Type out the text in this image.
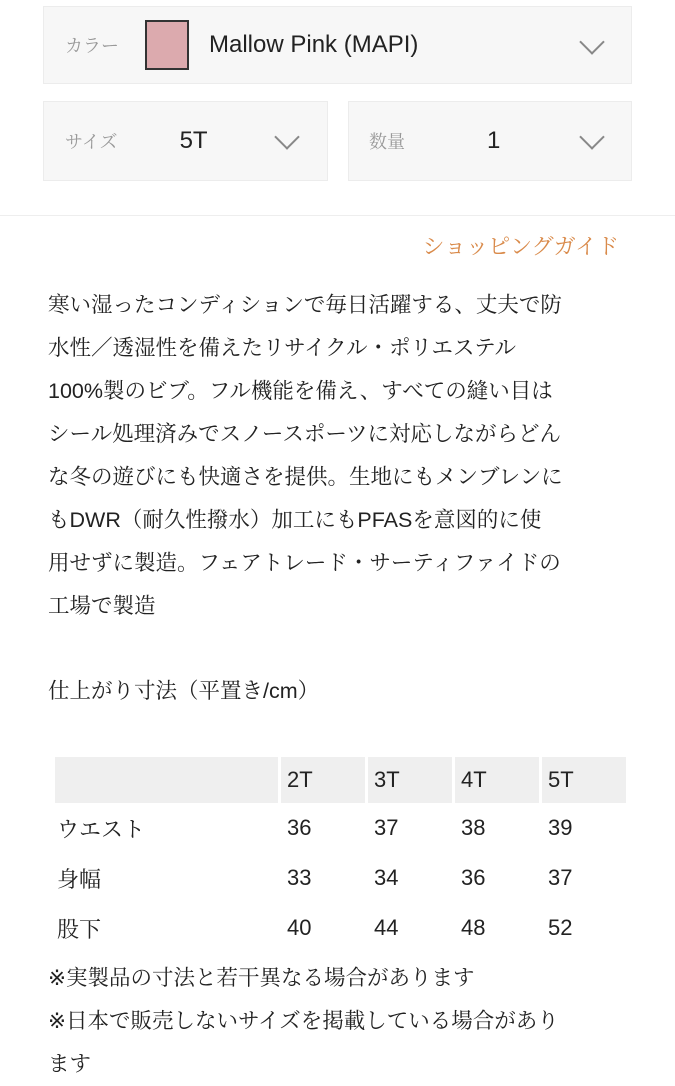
カラー	Mallow Pink (MAPI)
サイズ	5T	数量	1
ショッピングガイド
寒い湿ったコンディションで毎日活躍する、丈夫で防
水性／透湿性を備えたリサイクル・ポリエステル
100%製のビブ。フル機能を備え、すべての縫い目は
シール処理済みでスノースポーツに対応しながらどん
な冬の遊びにも快適さを提供。生地にもメンブレンに
もDWR（耐久性撥水）加工にもPFASを意図的に使
用せずに製造。フェアトレード・サーティファイドの
工場で製造
仕上がり寸法（平置き/cm）
	2T	3T	4T	5T
ウエスト	36	37	38	39
身幅	33	34	36	37
股下	40	44	48	52
※実製品の寸法と若干異なる場合があります
※日本で販売しないサイズを掲載している場合があり
ます
